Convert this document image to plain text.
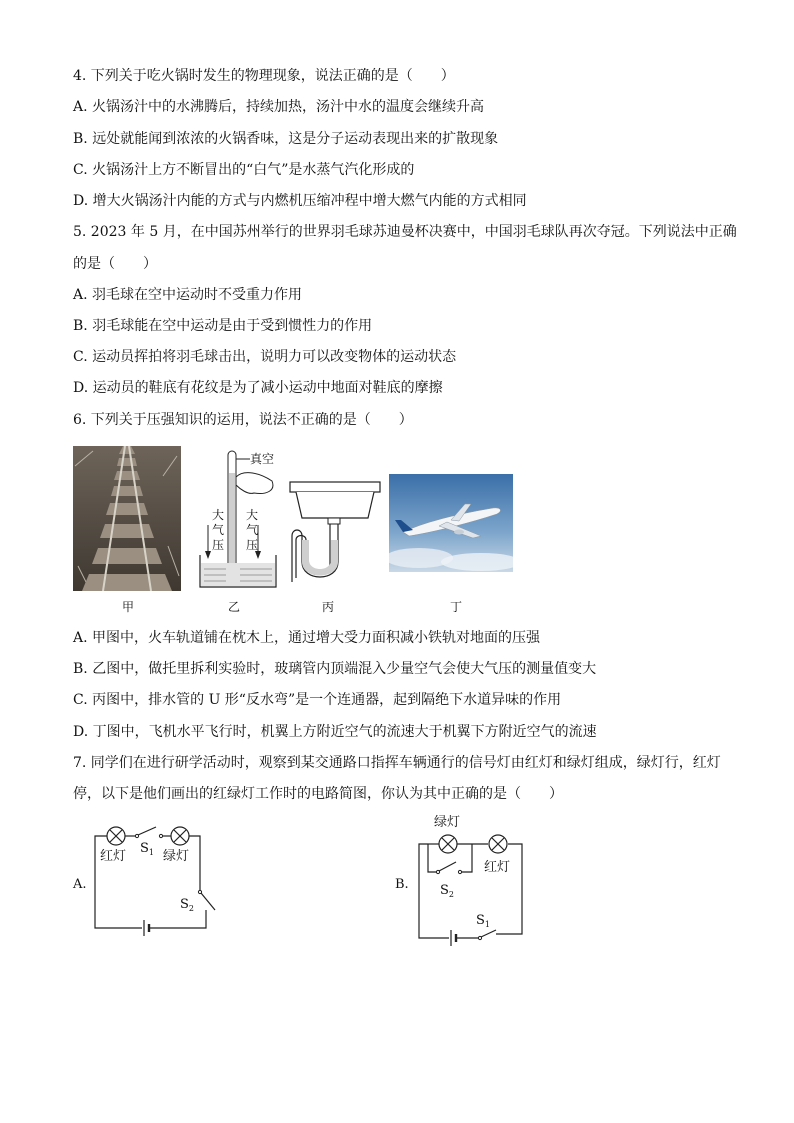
4. 下列关于吃火锅时发生的物理现象，说法正确的是（　　）
A. 火锅汤汁中的水沸腾后，持续加热，汤汁中水的温度会继续升高
B. 远处就能闻到浓浓的火锅香味，这是分子运动表现出来的扩散现象
C. 火锅汤汁上方不断冒出的“白气”是水蒸气汽化形成的
D. 增大火锅汤汁内能的方式与内燃机压缩冲程中增大燃气内能的方式相同
5. 2023 年 5 月，在中国苏州举行的世界羽毛球苏迪曼杯决赛中，中国羽毛球队再次夺冠。下列说法中正确
的是（　　）
A. 羽毛球在空中运动时不受重力作用
B. 羽毛球能在空中运动是由于受到惯性力的作用
C. 运动员挥拍将羽毛球击出，说明力可以改变物体的运动状态
D. 运动员的鞋底有花纹是为了减小运动中地面对鞋底的摩擦
6. 下列关于压强知识的运用，说法不正确的是（　　）
甲
真空
大
气
压
大
气
压
乙	丙	丁
A. 甲图中，火车轨道铺在枕木上，通过增大受力面积减小铁轨对地面的压强
B. 乙图中，做托里拆利实验时，玻璃管内顶端混入少量空气会使大气压的测量值变大
C. 丙图中，排水管的 U 形“反水弯”是一个连通器，起到隔绝下水道异味的作用
D. 丁图中，飞机水平飞行时，机翼上方附近空气的流速大于机翼下方附近空气的流速
7. 同学们在进行研学活动时，观察到某交通路口指挥车辆通行的信号灯由红灯和绿灯组成，绿灯行，红灯
停，以下是他们画出的红绿灯工作时的电路简图，你认为其中正确的是（　　）
A.
红灯
$S_1$ 绿灯
$S_2$
B.
绿灯
红灯
$S_2$
$S_1$
